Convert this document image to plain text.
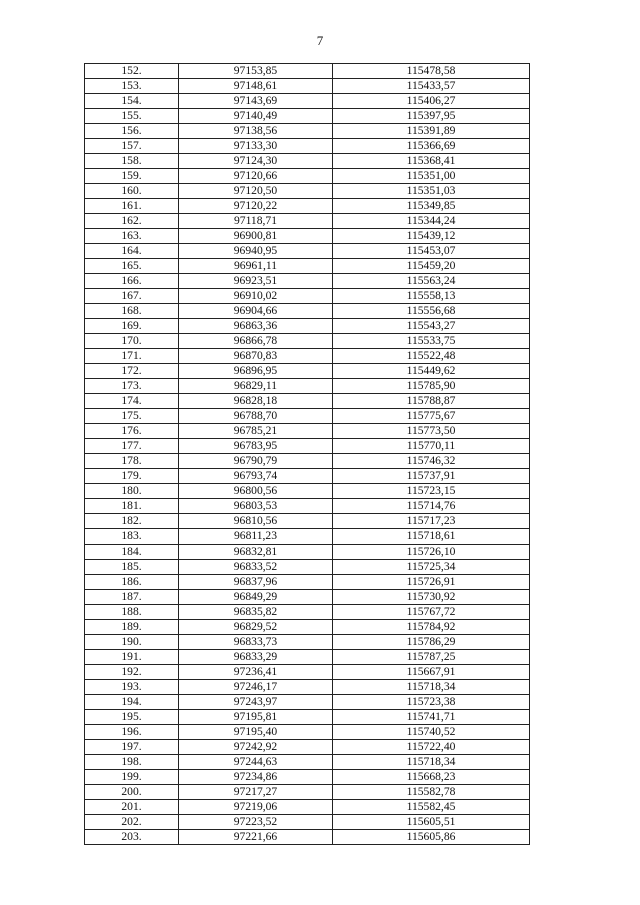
7
152.	97153,85	115478,58
153.	97148,61	115433,57
154.	97143,69	115406,27
155.	97140,49	115397,95
156.	97138,56	115391,89
157.	97133,30	115366,69
158.	97124,30	115368,41
159.	97120,66	115351,00
160.	97120,50	115351,03
161.	97120,22	115349,85
162.	97118,71	115344,24
163.	96900,81	115439,12
164.	96940,95	115453,07
165.	96961,11	115459,20
166.	96923,51	115563,24
167.	96910,02	115558,13
168.	96904,66	115556,68
169.	96863,36	115543,27
170.	96866,78	115533,75
171.	96870,83	115522,48
172.	96896,95	115449,62
173.	96829,11	115785,90
174.	96828,18	115788,87
175.	96788,70	115775,67
176.	96785,21	115773,50
177.	96783,95	115770,11
178.	96790,79	115746,32
179.	96793,74	115737,91
180.	96800,56	115723,15
181.	96803,53	115714,76
182.	96810,56	115717,23
183.	96811,23	115718,61
184.	96832,81	115726,10
185.	96833,52	115725,34
186.	96837,96	115726,91
187.	96849,29	115730,92
188.	96835,82	115767,72
189.	96829,52	115784,92
190.	96833,73	115786,29
191.	96833,29	115787,25
192.	97236,41	115667,91
193.	97246,17	115718,34
194.	97243,97	115723,38
195.	97195,81	115741,71
196.	97195,40	115740,52
197.	97242,92	115722,40
198.	97244,63	115718,34
199.	97234,86	115668,23
200.	97217,27	115582,78
201.	97219,06	115582,45
202.	97223,52	115605,51
203.	97221,66	115605,86
